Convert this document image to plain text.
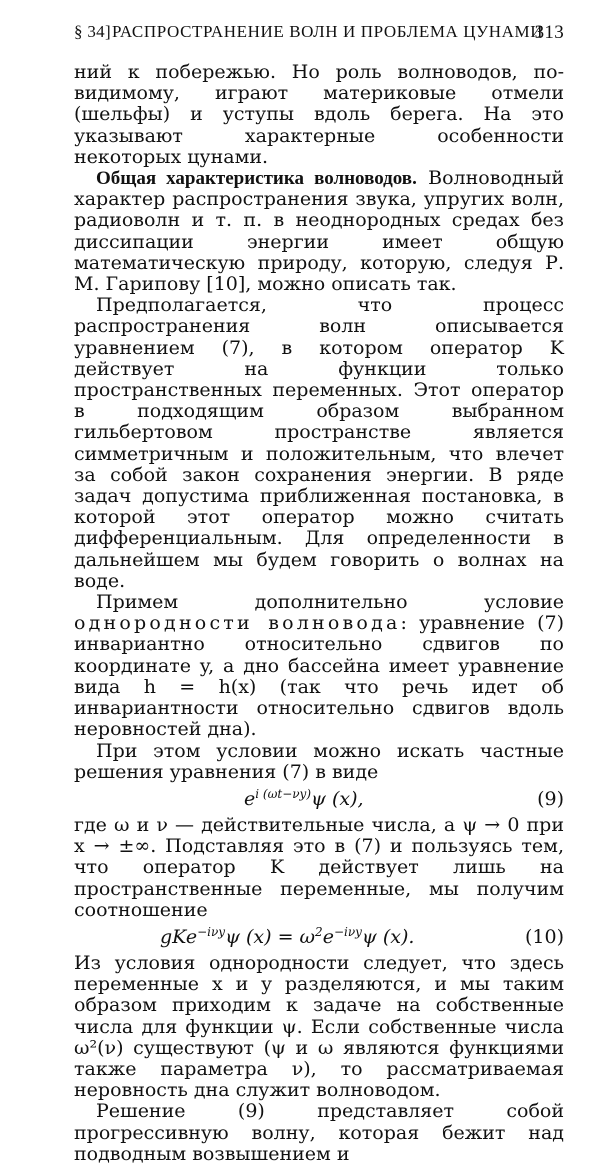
§ 34] РАСПРОСТРАНЕНИЕ ВОЛН И ПРОБЛЕМА ЦУНАМИ
313

ний к побережью. Но роль волноводов, по-видимому, играют материковые отмели (шельфы) и уступы вдоль берега. На это указывают характерные особенности некоторых цунами.

Общая характеристика волноводов. Волноводный характер распространения звука, упругих волн, радиоволн и т. п. в неоднородных средах без диссипации энергии имеет общую математическую природу, которую, следуя Р. М. Гарипову [10], можно описать так.

Предполагается, что процесс распространения волн описывается уравнением (7), в котором оператор K действует на функции только пространственных переменных. Этот оператор в подходящим образом выбранном гильбертовом пространстве является симметричным и положительным, что влечет за собой закон сохранения энергии. В ряде задач допустима приближенная постановка, в которой этот оператор можно считать дифференциальным. Для определенности в дальнейшем мы будем говорить о волнах на воде.

Примем дополнительно условие однородности волновода: уравнение (7) инвариантно относительно сдвигов по координате y, а дно бассейна имеет уравнение вида h = h(x) (так что речь идет об инвариантности относительно сдвигов вдоль неровностей дна).

При этом условии можно искать частные решения уравнения (7) в виде

$e^{i (\omega t-\nu y)}\psi$ (x),	(9)

где ω и ν — действительные числа, а ψ → 0 при x → ±∞. Подставляя это в (7) и пользуясь тем, что оператор K действует лишь на пространственные переменные, мы получим соотношение

gKe$^{-i\nu y}$ψ $(x) = \omega^2e^{-i\nu y}\psi$ (x).	(10)

Из условия однородности следует, что здесь переменные x и y разделяются, и мы таким образом приходим к задаче на собственные числа для функции ψ. Если собственные числа ω²(ν) существуют (ψ и ω являются функциями также параметра ν), то рассматриваемая неровность дна служит волноводом.

Решение (9) представляет собой прогрессивную волну, которая бежит над подводным возвышением и
